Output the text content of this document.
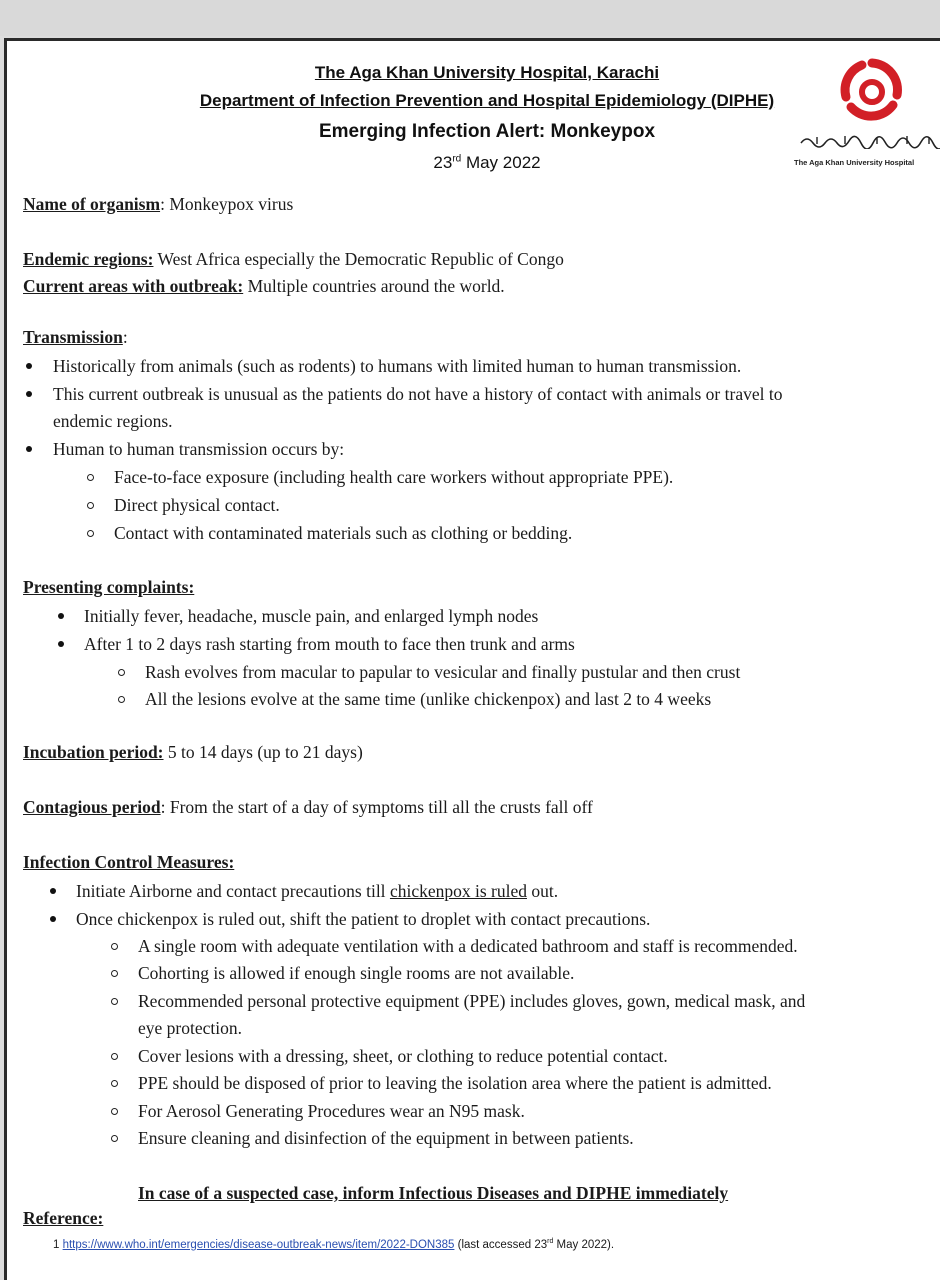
The Aga Khan University Hospital, Karachi
Department of Infection Prevention and Hospital Epidemiology (DIPHE)
Emerging Infection Alert: Monkeypox
23rd May 2022	The Aga Khan University Hospital
Name of organism: Monkeypox virus
Endemic regions: West Africa especially the Democratic Republic of Congo
Current areas with outbreak: Multiple countries around the world.
Transmission:
Historically from animals (such as rodents) to humans with limited human to human transmission.
This current outbreak is unusual as the patients do not have a history of contact with animals or travel to
endemic regions.
Human to human transmission occurs by:
Face-to-face exposure (including health care workers without appropriate PPE).
Direct physical contact.
Contact with contaminated materials such as clothing or bedding.
Presenting complaints:
Initially fever, headache, muscle pain, and enlarged lymph nodes
After 1 to 2 days rash starting from mouth to face then trunk and arms
Rash evolves from macular to papular to vesicular and finally pustular and then crust
All the lesions evolve at the same time (unlike chickenpox) and last 2 to 4 weeks
Incubation period: 5 to 14 days (up to 21 days)
Contagious period: From the start of a day of symptoms till all the crusts fall off
Infection Control Measures:
Initiate Airborne and contact precautions till chickenpox is ruled out.
Once chickenpox is ruled out, shift the patient to droplet with contact precautions.
A single room with adequate ventilation with a dedicated bathroom and staff is recommended.
Cohorting is allowed if enough single rooms are not available.
Recommended personal protective equipment (PPE) includes gloves, gown, medical mask, and
eye protection.
Cover lesions with a dressing, sheet, or clothing to reduce potential contact.
PPE should be disposed of prior to leaving the isolation area where the patient is admitted.
For Aerosol Generating Procedures wear an N95 mask.
Ensure cleaning and disinfection of the equipment in between patients.
In case of a suspected case, inform Infectious Diseases and DIPHE immediately
Reference:
1 https://www.who.int/emergencies/disease-outbreak-news/item/2022-DON385 (last accessed 23rd May 2022).
